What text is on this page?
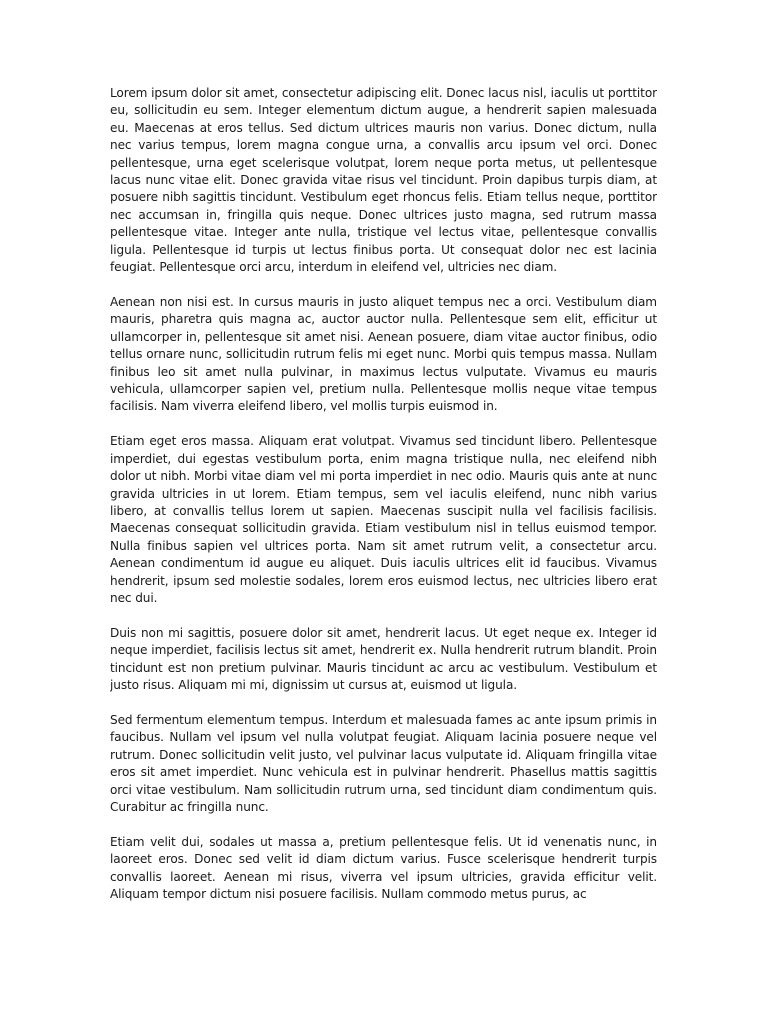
Lorem ipsum dolor sit amet, consectetur adipiscing elit. Donec lacus nisl, iaculis ut porttitor eu, sollicitudin eu sem. Integer elementum dictum augue, a hendrerit sapien malesuada eu. Maecenas at eros tellus. Sed dictum ultrices mauris non varius. Donec dictum, nulla nec varius tempus, lorem magna congue urna, a convallis arcu ipsum vel orci. Donec pellentesque, urna eget scelerisque volutpat, lorem neque porta metus, ut pellentesque lacus nunc vitae elit. Donec gravida vitae risus vel tincidunt. Proin dapibus turpis diam, at posuere nibh sagittis tincidunt. Vestibulum eget rhoncus felis. Etiam tellus neque, porttitor nec accumsan in, fringilla quis neque. Donec ultrices justo magna, sed rutrum massa pellentesque vitae. Integer ante nulla, tristique vel lectus vitae, pellentesque convallis ligula. Pellentesque id turpis ut lectus finibus porta. Ut consequat dolor nec est lacinia feugiat. Pellentesque orci arcu, interdum in eleifend vel, ultricies nec diam.

Aenean non nisi est. In cursus mauris in justo aliquet tempus nec a orci. Vestibulum diam mauris, pharetra quis magna ac, auctor auctor nulla. Pellentesque sem elit, efficitur ut ullamcorper in, pellentesque sit amet nisi. Aenean posuere, diam vitae auctor finibus, odio tellus ornare nunc, sollicitudin rutrum felis mi eget nunc. Morbi quis tempus massa. Nullam finibus leo sit amet nulla pulvinar, in maximus lectus vulputate. Vivamus eu mauris vehicula, ullamcorper sapien vel, pretium nulla. Pellentesque mollis neque vitae tempus facilisis. Nam viverra eleifend libero, vel mollis turpis euismod in.

Etiam eget eros massa. Aliquam erat volutpat. Vivamus sed tincidunt libero. Pellentesque imperdiet, dui egestas vestibulum porta, enim magna tristique nulla, nec eleifend nibh dolor ut nibh. Morbi vitae diam vel mi porta imperdiet in nec odio. Mauris quis ante at nunc gravida ultricies in ut lorem. Etiam tempus, sem vel iaculis eleifend, nunc nibh varius libero, at convallis tellus lorem ut sapien. Maecenas suscipit nulla vel facilisis facilisis. Maecenas consequat sollicitudin gravida. Etiam vestibulum nisl in tellus euismod tempor. Nulla finibus sapien vel ultrices porta. Nam sit amet rutrum velit, a consectetur arcu. Aenean condimentum id augue eu aliquet. Duis iaculis ultrices elit id faucibus. Vivamus hendrerit, ipsum sed molestie sodales, lorem eros euismod lectus, nec ultricies libero erat nec dui.

Duis non mi sagittis, posuere dolor sit amet, hendrerit lacus. Ut eget neque ex. Integer id neque imperdiet, facilisis lectus sit amet, hendrerit ex. Nulla hendrerit rutrum blandit. Proin tincidunt est non pretium pulvinar. Mauris tincidunt ac arcu ac vestibulum. Vestibulum et justo risus. Aliquam mi mi, dignissim ut cursus at, euismod ut ligula.

Sed fermentum elementum tempus. Interdum et malesuada fames ac ante ipsum primis in faucibus. Nullam vel ipsum vel nulla volutpat feugiat. Aliquam lacinia posuere neque vel rutrum. Donec sollicitudin velit justo, vel pulvinar lacus vulputate id. Aliquam fringilla vitae eros sit amet imperdiet. Nunc vehicula est in pulvinar hendrerit. Phasellus mattis sagittis orci vitae vestibulum. Nam sollicitudin rutrum urna, sed tincidunt diam condimentum quis. Curabitur ac fringilla nunc.

Etiam velit dui, sodales ut massa a, pretium pellentesque felis. Ut id venenatis nunc, in laoreet eros. Donec sed velit id diam dictum varius. Fusce scelerisque hendrerit turpis convallis laoreet. Aenean mi risus, viverra vel ipsum ultricies, gravida efficitur velit. Aliquam tempor dictum nisi posuere facilisis. Nullam commodo metus purus, ac
